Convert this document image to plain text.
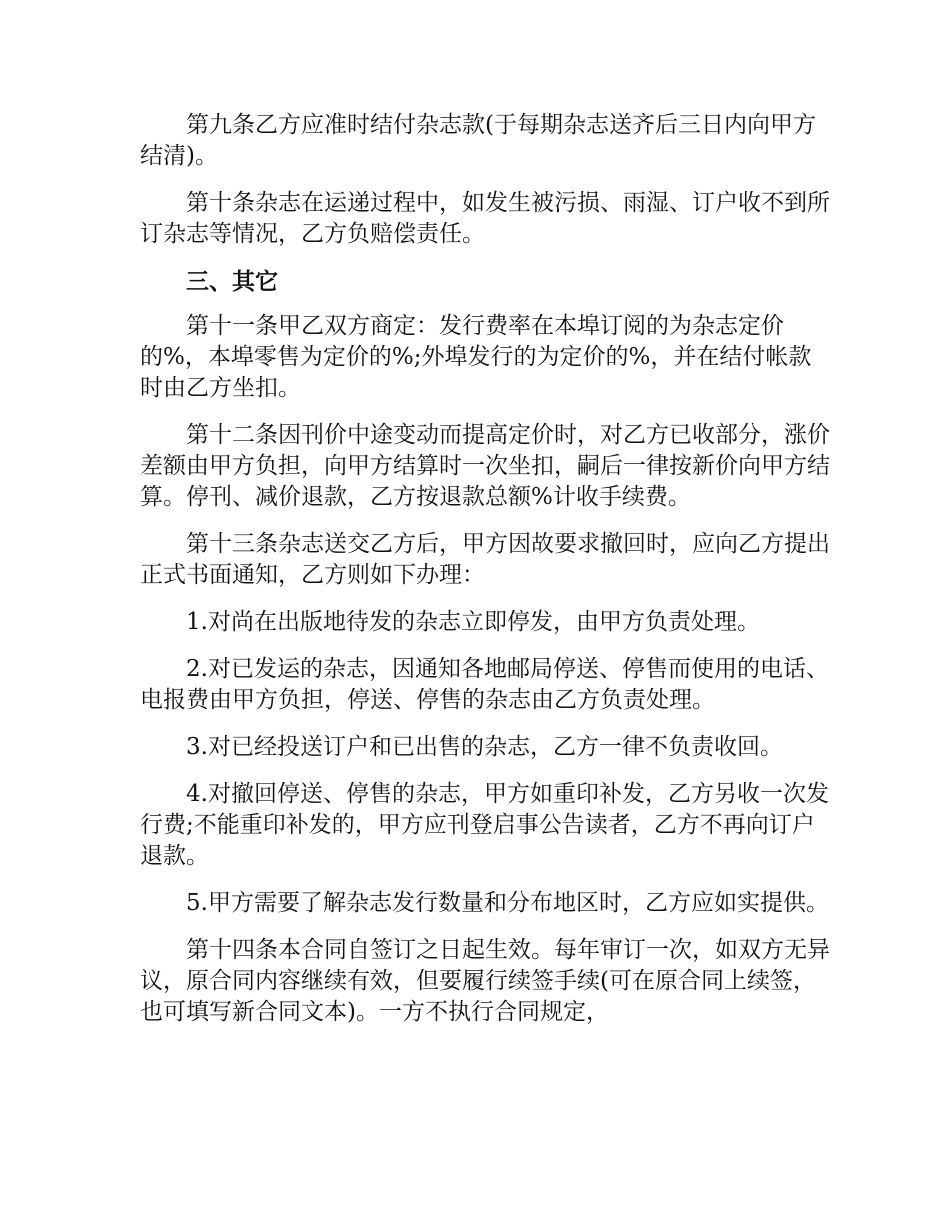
第九条乙方应准时结付杂志款(于每期杂志送齐后三日内向甲方结清)。

第十条杂志在运递过程中，如发生被污损、雨湿、订户收不到所订杂志等情况，乙方负赔偿责任。

三、其它

第十一条甲乙双方商定：发行费率在本埠订阅的为杂志定价的%，本埠零售为定价的%;外埠发行的为定价的%，并在结付帐款时由乙方坐扣。

第十二条因刊价中途变动而提高定价时，对乙方已收部分，涨价差额由甲方负担，向甲方结算时一次坐扣，嗣后一律按新价向甲方结算。停刊、减价退款，乙方按退款总额%计收手续费。

第十三条杂志送交乙方后，甲方因故要求撤回时，应向乙方提出正式书面通知，乙方则如下办理：

1.对尚在出版地待发的杂志立即停发，由甲方负责处理。

2.对已发运的杂志，因通知各地邮局停送、停售而使用的电话、电报费由甲方负担，停送、停售的杂志由乙方负责处理。

3.对已经投送订户和已出售的杂志，乙方一律不负责收回。

4.对撤回停送、停售的杂志，甲方如重印补发，乙方另收一次发行费;不能重印补发的，甲方应刊登启事公告读者，乙方不再向订户退款。

5.甲方需要了解杂志发行数量和分布地区时，乙方应如实提供。

第十四条本合同自签订之日起生效。每年审订一次，如双方无异议，原合同内容继续有效，但要履行续签手续(可在原合同上续签，也可填写新合同文本)。一方不执行合同规定，
